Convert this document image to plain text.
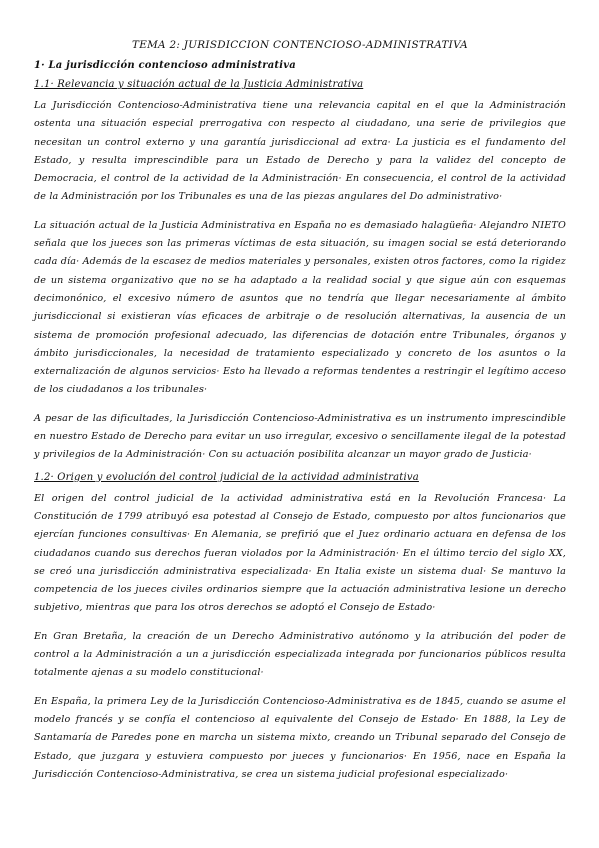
TEMA 2: JURISDICCION CONTENCIOSO-ADMINISTRATIVA
1· La jurisdicción contencioso administrativa
1.1· Relevancia y situación actual de la Justicia Administrativa

La Jurisdicción Contencioso-Administrativa tiene una relevancia capital en el que la Administración ostenta una situación especial prerrogativa con respecto al ciudadano, una serie de privilegios que necesitan un control externo y una garantía jurisdiccional ad extra· La justicia es el fundamento del Estado, y resulta imprescindible para un Estado de Derecho y para la validez del concepto de Democracia, el control de la actividad de la Administración· En consecuencia, el control de la actividad de la Administración por los Tribunales es una de las piezas angulares del Do administrativo·

La situación actual de la Justicia Administrativa en España no es demasiado halagüeña· Alejandro NIETO señala que los jueces son las primeras víctimas de esta situación, su imagen social se está deteriorando cada día· Además de la escasez de medios materiales y personales, existen otros factores, como la rigidez de un sistema organizativo que no se ha adaptado a la realidad social y que sigue aún con esquemas decimonónico, el excesivo número de asuntos que no tendría que llegar necesariamente al ámbito jurisdiccional si existieran vías eficaces de arbitraje o de resolución alternativas, la ausencia de un sistema de promoción profesional adecuado, las diferencias de dotación entre Tribunales, órganos y ámbito jurisdiccionales, la necesidad de tratamiento especializado y concreto de los asuntos o la externalización de algunos servicios· Esto ha llevado a reformas tendentes a restringir el legítimo acceso de los ciudadanos a los tribunales·

A pesar de las dificultades, la Jurisdicción Contencioso-Administrativa es un instrumento imprescindible en nuestro Estado de Derecho para evitar un uso irregular, excesivo o sencillamente ilegal de la potestad y privilegios de la Administración· Con su actuación posibilita alcanzar un mayor grado de Justicia·

1.2· Origen y evolución del control judicial de la actividad administrativa

El origen del control judicial de la actividad administrativa está en la Revolución Francesa· La Constitución de 1799 atribuyó esa potestad al Consejo de Estado, compuesto por altos funcionarios que ejercían funciones consultivas· En Alemania, se prefirió que el Juez ordinario actuara en defensa de los ciudadanos cuando sus derechos fueran violados por la Administración· En el último tercio del siglo XX, se creó una jurisdicción administrativa especializada· En Italia existe un sistema dual· Se mantuvo la competencia de los jueces civiles ordinarios siempre que la actuación administrativa lesione un derecho subjetivo, mientras que para los otros derechos se adoptó el Consejo de Estado·

En Gran Bretaña, la creación de un Derecho Administrativo autónomo y la atribución del poder de control a la Administración a un a jurisdicción especializada integrada por funcionarios públicos resulta totalmente ajenas a su modelo constitucional·

En España, la primera Ley de la Jurisdicción Contencioso-Administrativa es de 1845, cuando se asume el modelo francés y se confía el contencioso al equivalente del Consejo de Estado· En 1888, la Ley de Santamaría de Paredes pone en marcha un sistema mixto, creando un Tribunal separado del Consejo de Estado, que juzgara y estuviera compuesto por jueces y funcionarios· En 1956, nace en España la Jurisdicción Contencioso-Administrativa, se crea un sistema judicial profesional especializado·
